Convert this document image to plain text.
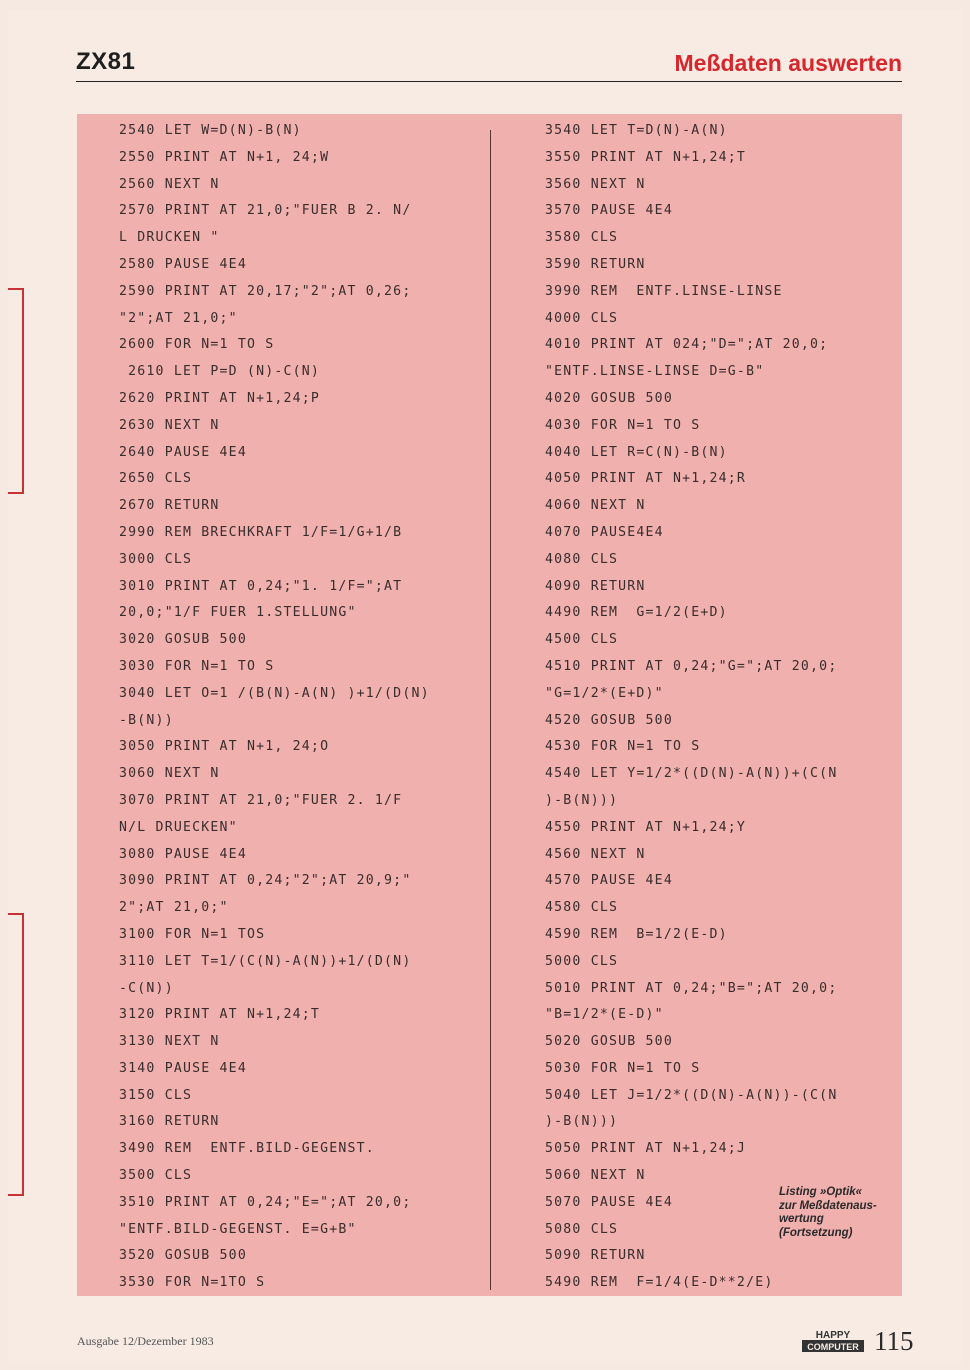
ZX81	Meßdaten auswerten
2540 LET W=D(N)-B(N)
2550 PRINT AT N+1, 24;W
2560 NEXT N
2570 PRINT AT 21,0;"FUER B 2. N/
L DRUCKEN "
2580 PAUSE 4E4
2590 PRINT AT 20,17;"2";AT 0,26;
"2";AT 21,0;"
2600 FOR N=1 TO S
2610 LET P=D (N)-C(N)
2620 PRINT AT N+1,24;P
2630 NEXT N
2640 PAUSE 4E4
2650 CLS
2670 RETURN
2990 REM BRECHKRAFT 1/F=1/G+1/B
3000 CLS
3010 PRINT AT 0,24;"1. 1/F=";AT
20,0;"1/F FUER 1.STELLUNG"
3020 GOSUB 500
3030 FOR N=1 TO S
3040 LET O=1 /(B(N)-A(N) )+1/(D(N)
-B(N))
3050 PRINT AT N+1, 24;O
3060 NEXT N
3070 PRINT AT 21,0;"FUER 2. 1/F
N/L DRUECKEN"
3080 PAUSE 4E4
3090 PRINT AT 0,24;"2";AT 20,9;"
2";AT 21,0;"
3100 FOR N=1 TOS
3110 LET T=1/(C(N)-A(N))+1/(D(N)
-C(N))
3120 PRINT AT N+1,24;T
3130 NEXT N
3140 PAUSE 4E4
3150 CLS
3160 RETURN
3490 REM  ENTF.BILD-GEGENST.
3500 CLS
3510 PRINT AT 0,24;"E=";AT 20,0;
"ENTF.BILD-GEGENST. E=G+B"
3520 GOSUB 500
3530 FOR N=1TO S
3540 LET T=D(N)-A(N)
3550 PRINT AT N+1,24;T
3560 NEXT N
3570 PAUSE 4E4
3580 CLS
3590 RETURN
3990 REM  ENTF.LINSE-LINSE
4000 CLS
4010 PRINT AT 024;"D=";AT 20,0;
"ENTF.LINSE-LINSE D=G-B"
4020 GOSUB 500
4030 FOR N=1 TO S
4040 LET R=C(N)-B(N)
4050 PRINT AT N+1,24;R
4060 NEXT N
4070 PAUSE4E4
4080 CLS
4090 RETURN
4490 REM  G=1/2(E+D)
4500 CLS
4510 PRINT AT 0,24;"G=";AT 20,0;
"G=1/2*(E+D)"
4520 GOSUB 500
4530 FOR N=1 TO S
4540 LET Y=1/2*((D(N)-A(N))+(C(N
)-B(N)))
4550 PRINT AT N+1,24;Y
4560 NEXT N
4570 PAUSE 4E4
4580 CLS
4590 REM  B=1/2(E-D)
5000 CLS
5010 PRINT AT 0,24;"B=";AT 20,0;
"B=1/2*(E-D)"
5020 GOSUB 500
5030 FOR N=1 TO S
5040 LET J=1/2*((D(N)-A(N))-(C(N
)-B(N)))
5050 PRINT AT N+1,24;J
5060 NEXT N
5070 PAUSE 4E4
5080 CLS
5090 RETURN
5490 REM  F=1/4(E-D**2/E)
Listing »Optik«
zur Meßdatenaus-
wertung
(Fortsetzung)
Ausgabe 12/Dezember 1983	HAPPY
COMPUTER 115
